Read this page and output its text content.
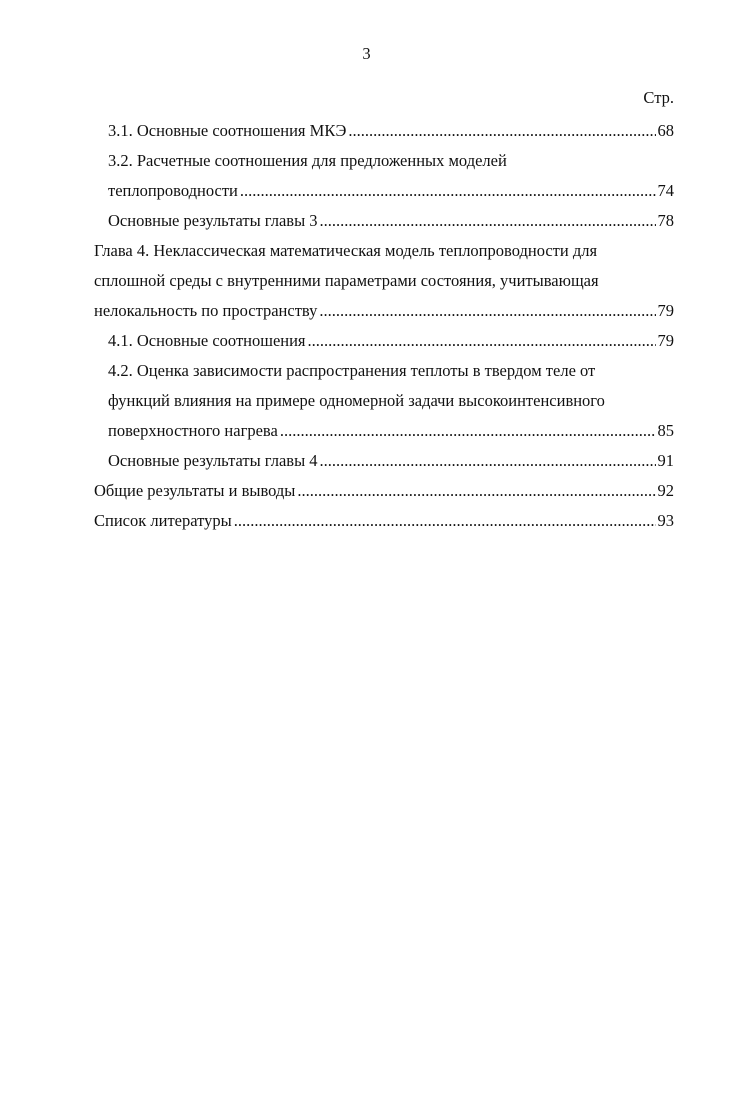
3
Стр.
3.1. Основные соотношения МКЭ .....	68
3.2. Расчетные соотношения для предложенных моделей
теплопроводности .....	74
Основные результаты главы 3 .....	78
Глава 4. Неклассическая математическая модель теплопроводности для
сплошной среды с внутренними параметрами состояния, учитывающая
нелокальность по пространству .....	79
4.1. Основные соотношения .....	79
4.2. Оценка зависимости распространения теплоты в твердом теле от
функций влияния на примере одномерной задачи высокоинтенсивного
поверхностного нагрева .....	85
Основные результаты главы 4 .....	91
Общие результаты и выводы .....	92
Список литературы .....	93
